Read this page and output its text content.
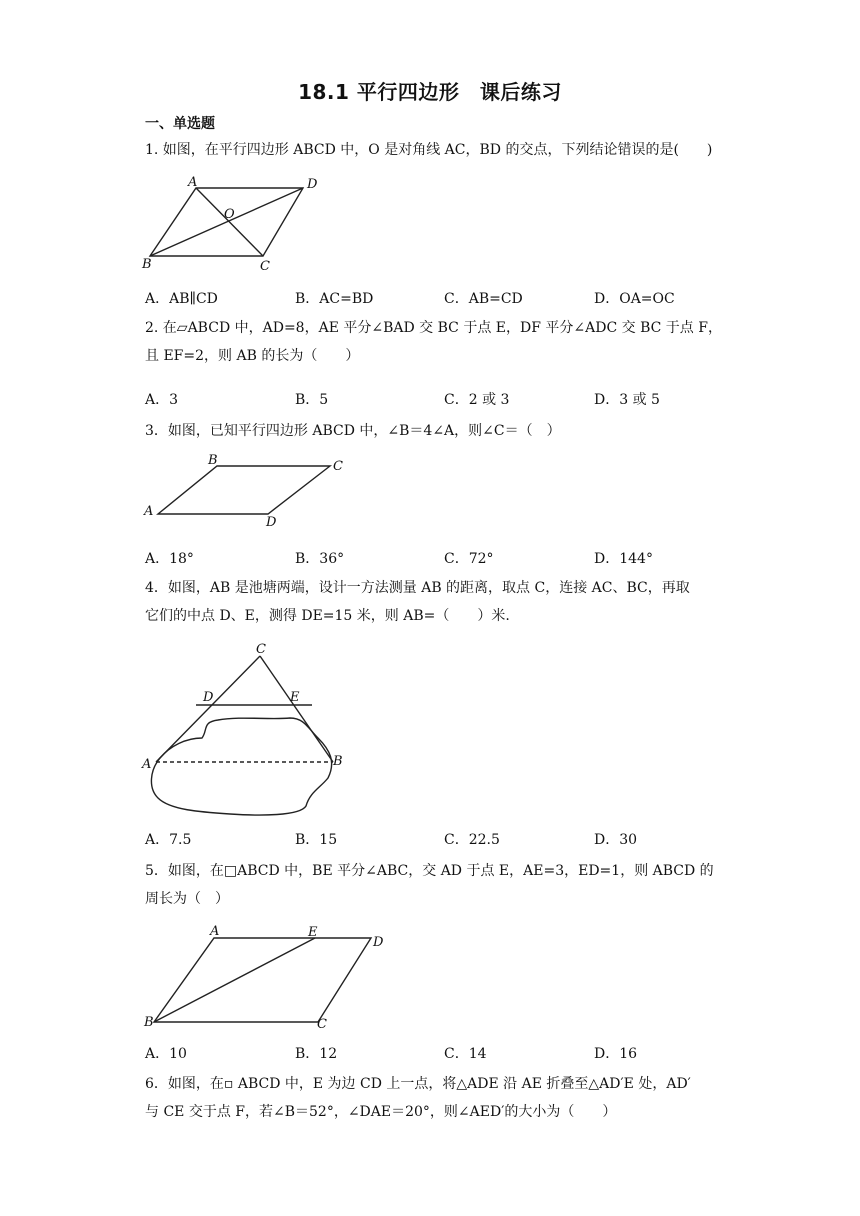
18.1 平行四边形　课后练习
一、单选题
1. 如图，在平行四边形 ABCD 中，O 是对角线 AC，BD 的交点，下列结论错误的是(　　)
A	D
O
B	C
A．AB∥CD	B．AC=BD	C．AB=CD	D．OA=OC
2. 在▱ABCD 中，AD=8，AE 平分∠BAD 交 BC 于点 E，DF 平分∠ADC 交 BC 于点 F，
且 EF=2，则 AB 的长为（　　）
A．3	B．5	C．2 或 3	D．3 或 5
3．如图，已知平行四边形 ABCD 中，∠B＝4∠A，则∠C＝（　）
B	C
A
D
A．18°	B．36°	C．72°	D．144°
4．如图，AB 是池塘两端，设计一方法测量 AB 的距离，取点 C，连接 AC、BC，再取
它们的中点 D、E，测得 DE=15 米，则 AB=（　　）米.
C
D	E
A	B
A．7.5	B．15	C．22.5	D．30
5．如图，在□ABCD 中，BE 平分∠ABC，交 AD 于点 E，AE=3，ED=1，则 ABCD 的
周长为（　）
A	E
D
B	C
A．10	B．12	C．14	D．16
6．如图，在▫ ABCD 中，E 为边 CD 上一点，将△ADE 沿 AE 折叠至△AD′E 处，AD′
与 CE 交于点 F，若∠B＝52°，∠DAE＝20°，则∠AED′的大小为（　　）
